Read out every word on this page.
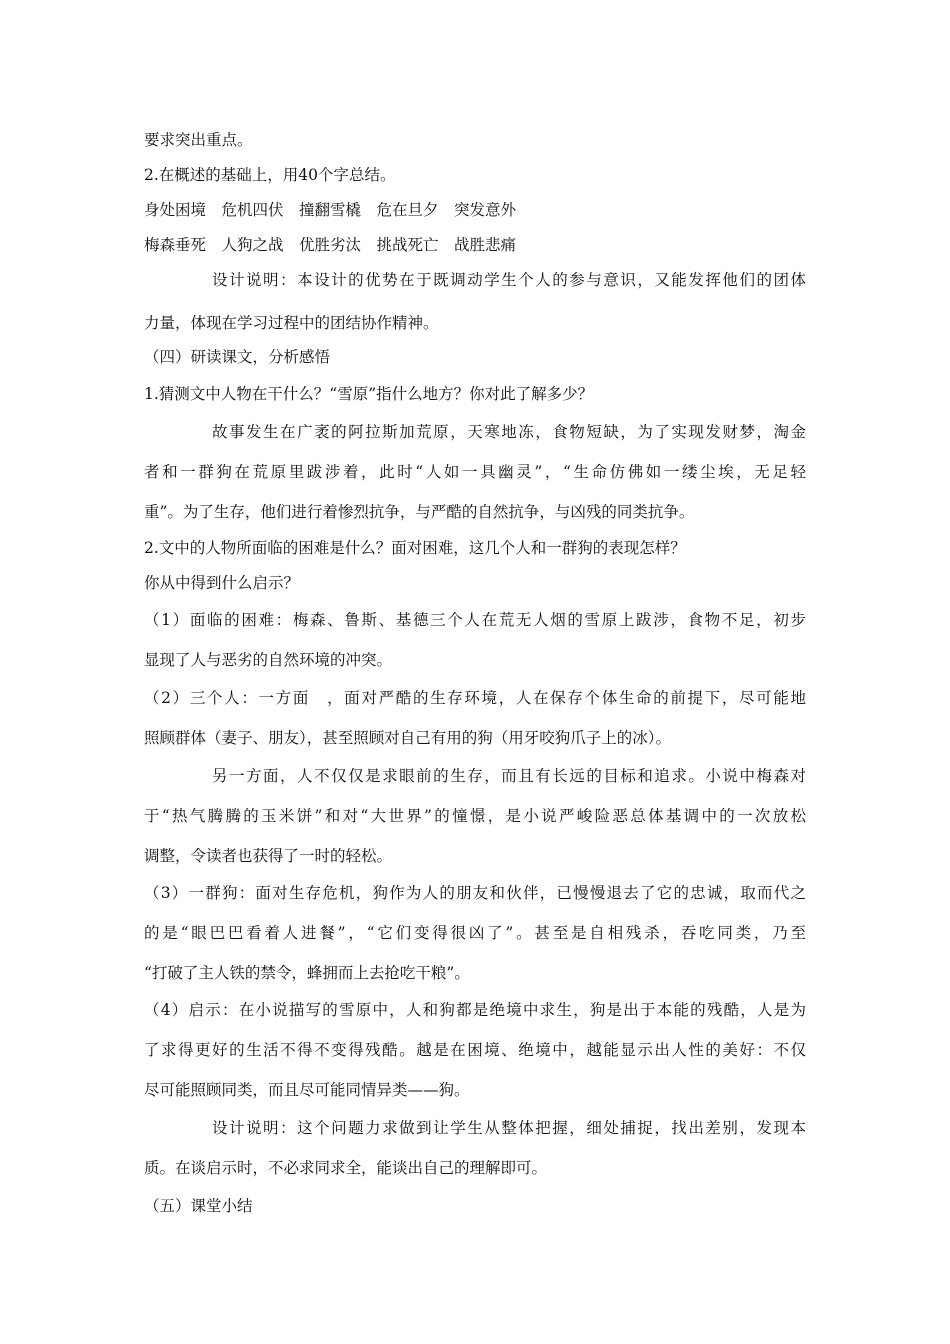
要求突出重点。
2.在概述的基础上，用40个字总结。
身处困境　危机四伏　撞翻雪橇　危在旦夕　突发意外
梅森垂死　人狗之战　优胜劣汰　挑战死亡　战胜悲痛
设计说明：本设计的优势在于既调动学生个人的参与意识，又能发挥他们的团体
力量，体现在学习过程中的团结协作精神。
（四）研读课文，分析感悟
1.猜测文中人物在干什么？“雪原”指什么地方？你对此了解多少？
故事发生在广袤的阿拉斯加荒原，天寒地冻，食物短缺，为了实现发财梦，淘金
者和一群狗在荒原里跋涉着，此时“人如一具幽灵”，“生命仿佛如一缕尘埃，无足轻
重”。为了生存，他们进行着惨烈抗争，与严酷的自然抗争，与凶残的同类抗争。
2.文中的人物所面临的困难是什么？面对困难，这几个人和一群狗的表现怎样？
你从中得到什么启示？
（1）面临的困难：梅森、鲁斯、基德三个人在荒无人烟的雪原上跋涉，食物不足，初步
显现了人与恶劣的自然环境的冲突。
（2）三个人：一方面　，面对严酷的生存环境，人在保存个体生命的前提下，尽可能地
照顾群体（妻子、朋友），甚至照顾对自己有用的狗（用牙咬狗爪子上的冰）。
另一方面，人不仅仅是求眼前的生存，而且有长远的目标和追求。小说中梅森对
于“热气腾腾的玉米饼”和对“大世界”的憧憬，是小说严峻险恶总体基调中的一次放松
调整，令读者也获得了一时的轻松。
（3）一群狗：面对生存危机，狗作为人的朋友和伙伴，已慢慢退去了它的忠诚，取而代之
的是“眼巴巴看着人进餐”，“它们变得很凶了”。甚至是自相残杀，吞吃同类，乃至
“打破了主人铁的禁令，蜂拥而上去抢吃干粮”。
（4）启示：在小说描写的雪原中，人和狗都是绝境中求生，狗是出于本能的残酷，人是为
了求得更好的生活不得不变得残酷。越是在困境、绝境中，越能显示出人性的美好：不仅
尽可能照顾同类，而且尽可能同情异类——狗。
设计说明：这个问题力求做到让学生从整体把握，细处捕捉，找出差别，发现本
质。在谈启示时，不必求同求全，能谈出自己的理解即可。
（五）课堂小结
